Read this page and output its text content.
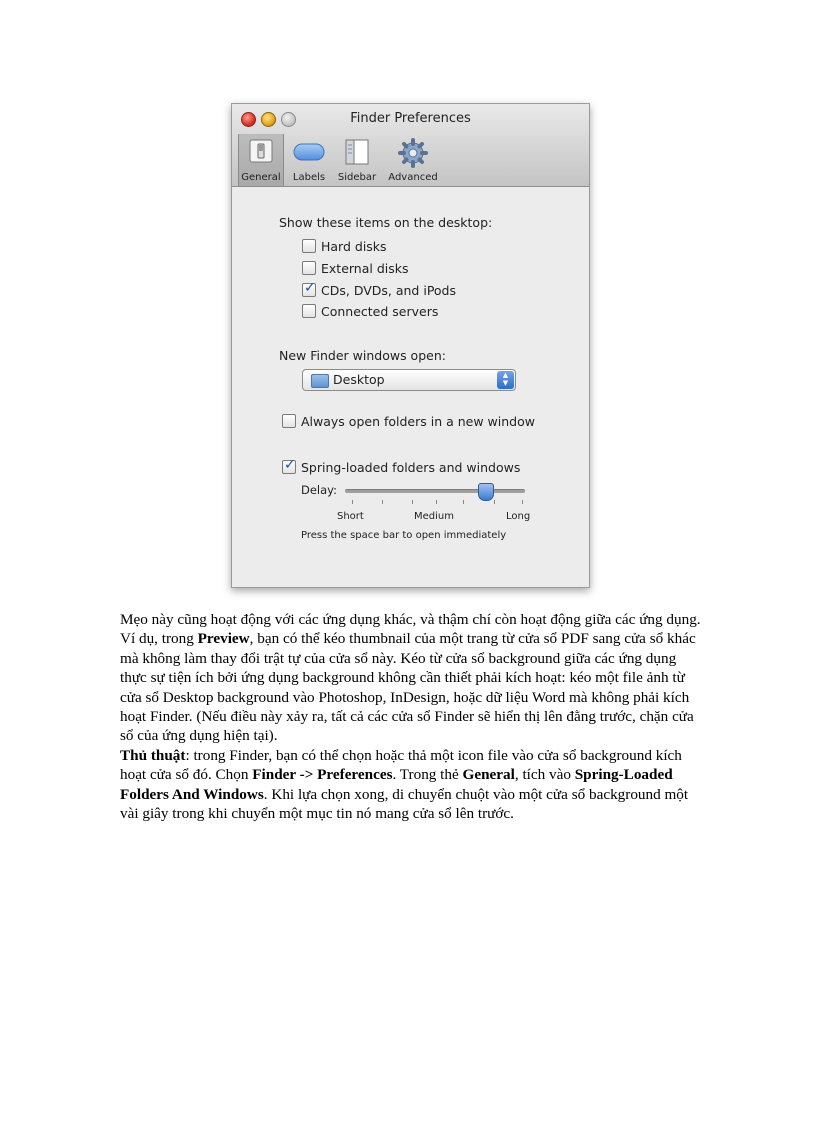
Finder Preferences
General	Labels	Sidebar	Advanced
Show these items on the desktop:
Hard disks
External disks
✓ CDs, DVDs, and iPods
Connected servers
New Finder windows open:
Desktop	▲
▼
Always open folders in a new window
✓ Spring-loaded folders and windows
Delay:
Short	Medium	Long
Press the space bar to open immediately

Mẹo này cũng hoạt động với các ứng dụng khác, và thậm chí còn hoạt động giữa các ứng dụng. Ví dụ, trong Preview, bạn có thể kéo thumbnail của một trang từ cửa sổ PDF sang cửa sổ khác mà không làm thay đổi trật tự của cửa sổ này. Kéo từ cửa sổ background giữa các ứng dụng thực sự tiện ích bởi ứng dụng background không cần thiết phải kích hoạt: kéo một file ảnh từ cửa sổ Desktop background vào Photoshop, InDesign, hoặc dữ liệu Word mà không phải kích hoạt Finder. (Nếu điều này xảy ra, tất cả các cửa sổ Finder sẽ hiển thị lên đằng trước, chặn cửa sổ của ứng dụng hiện tại).

Thủ thuật: trong Finder, bạn có thể chọn hoặc thả một icon file vào cửa sổ background kích hoạt cửa sổ đó. Chọn Finder -> Preferences. Trong thẻ General, tích vào Spring-Loaded Folders And Windows. Khi lựa chọn xong, di chuyển chuột vào một cửa sổ background một vài giây trong khi chuyển một mục tin nó mang cửa sổ lên trước.
